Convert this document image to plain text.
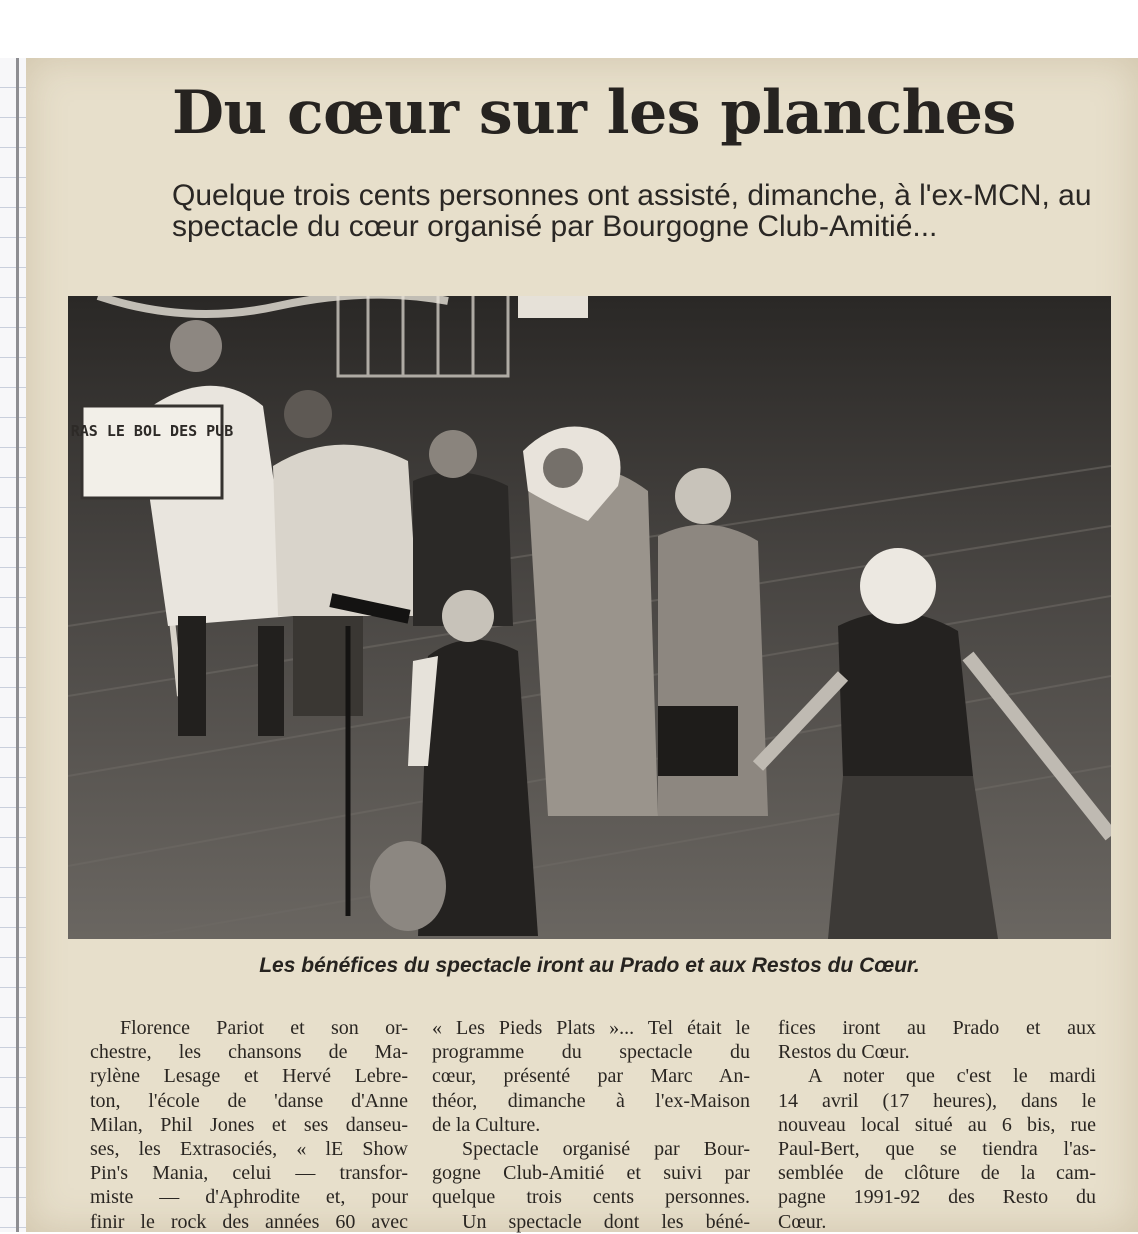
Du cœur sur les planches

Quelque trois cents personnes ont assisté, dimanche, à l'ex-MCN, au spectacle du cœur organisé par Bourgogne Club-Amitié...

RAS LE BOL DES PUB

Les bénéfices du spectacle iront au Prado et aux Restos du Cœur.

Florence Pariot et son or-

chestre, les chansons de Ma-

rylène Lesage et Hervé Lebre-

ton, l'école de 'danse d'Anne

Milan, Phil Jones et ses danseu-

ses, les Extrasociés, « lE Show

Pin's Mania, celui — transfor-

miste — d'Aphrodite et, pour

finir le rock des années 60 avec

« Les Pieds Plats »... Tel était le

programme du spectacle du

cœur, présenté par Marc An-

théor, dimanche à l'ex-Maison

de la Culture.

Spectacle organisé par Bour-

gogne Club-Amitié et suivi par

quelque trois cents personnes.

Un spectacle dont les béné-

fices iront au Prado et aux

Restos du Cœur.

A noter que c'est le mardi

14 avril (17 heures), dans le

nouveau local situé au 6 bis, rue

Paul-Bert, que se tiendra l'as-

semblée de clôture de la cam-

pagne 1991-92 des Resto du

Cœur.
